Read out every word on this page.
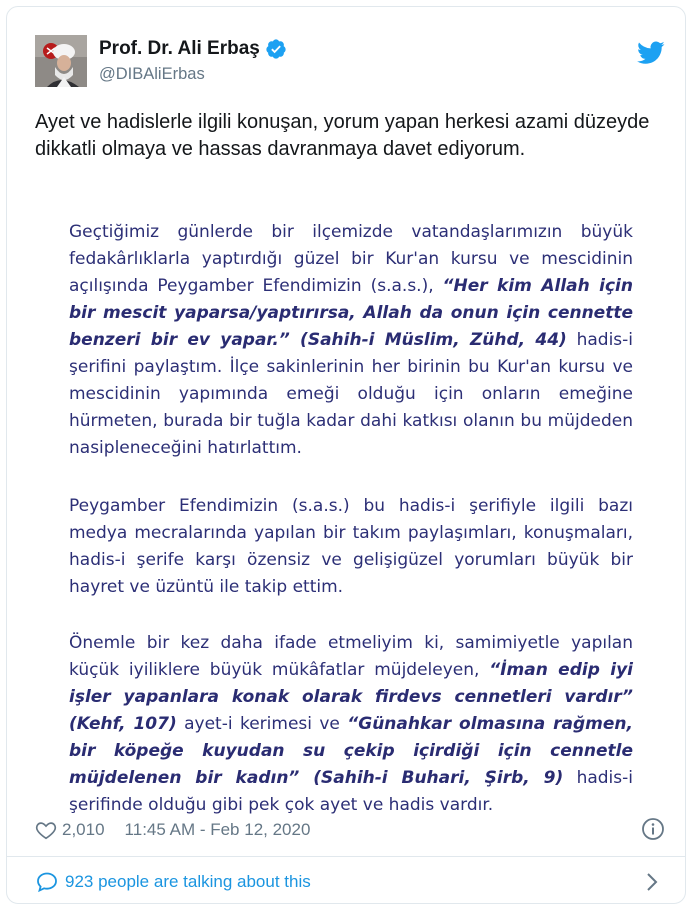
Prof. Dr. Ali Erbaş
@DIBAliErbas
Ayet ve hadislerle ilgili konuşan, yorum yapan herkesi azami düzeyde dikkatli olmaya ve hassas davranmaya davet ediyorum.

Geçtiğimiz günlerde bir ilçemizde vatandaşlarımızın büyük fedakârlıklarla yaptırdığı güzel bir Kur'an kursu ve mescidinin açılışında Peygamber Efendimizin (s.a.s.), “Her kim Allah için bir mescit yaparsa/yaptırırsa, Allah da onun için cennette benzeri bir ev yapar.” (Sahih-i Müslim, Zühd, 44) hadis-i şerifini paylaştım. İlçe sakinlerinin her birinin bu Kur'an kursu ve mescidinin yapımında emeği olduğu için onların emeğine hürmeten, burada bir tuğla kadar dahi katkısı olanın bu müjdeden nasipleneceğini hatırlattım.

Peygamber Efendimizin (s.a.s.) bu hadis-i şerifiyle ilgili bazı medya mecralarında yapılan bir takım paylaşımları, konuşmaları, hadis-i şerife karşı özensiz ve gelişigüzel yorumları büyük bir hayret ve üzüntü ile takip ettim.

Önemle bir kez daha ifade etmeliyim ki, samimiyetle yapılan küçük iyiliklere büyük mükâfatlar müjdeleyen, “İman edip iyi işler yapanlara konak olarak firdevs cennetleri vardır” (Kehf, 107) ayet-i kerimesi ve “Günahkar olmasına rağmen, bir köpeğe kuyudan su çekip içirdiği için cennetle müjdelenen bir kadın” (Sahih-i Buhari, Şirb, 9) hadis-i şerifinde olduğu gibi pek çok ayet ve hadis vardır.

2,010 11:45 AM - Feb 12, 2020
923 people are talking about this
